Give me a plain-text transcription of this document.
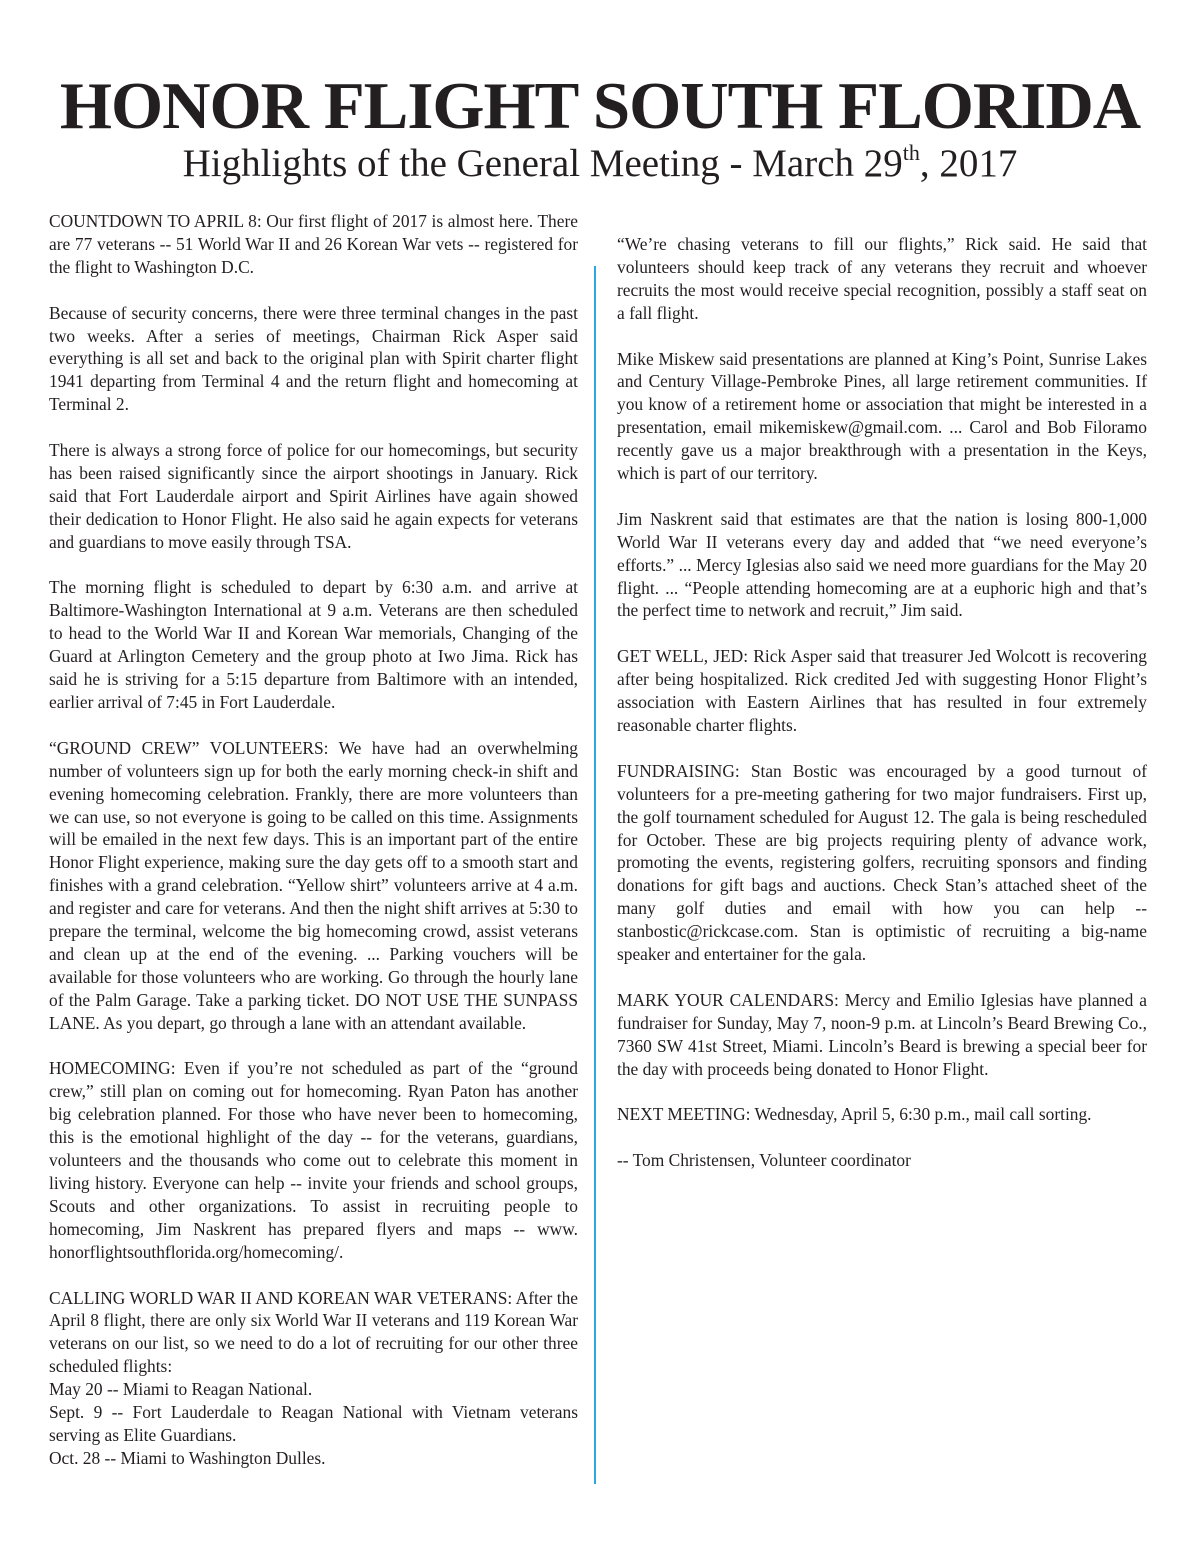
HONOR FLIGHT SOUTH FLORIDA
Highlights of the General Meeting - March 29th, 2017

COUNTDOWN TO APRIL 8: Our first flight of 2017 is almost here. There are 77 veterans -- 51 World War II and 26 Korean War vets -- registered for the flight to Washington D.C.

Because of security concerns, there were three terminal changes in the past two weeks. After a series of meetings, Chairman Rick Asper said everything is all set and back to the original plan with Spirit charter flight 1941 departing from Terminal 4 and the return flight and homecoming at Terminal 2.

There is always a strong force of police for our homecomings, but security has been raised significantly since the airport shootings in January. Rick said that Fort Lauderdale airport and Spirit Airlines have again showed their dedication to Honor Flight. He also said he again expects for veterans and guardians to move easily through TSA.

The morning flight is scheduled to depart by 6:30 a.m. and arrive at Baltimore-Washington International at 9 a.m. Veterans are then scheduled to head to the World War II and Korean War memorials, Changing of the Guard at Arlington Cemetery and the group photo at Iwo Jima. Rick has said he is striving for a 5:15 departure from Baltimore with an intended, earlier arrival of 7:45 in Fort Lauderdale.

“GROUND CREW” VOLUNTEERS: We have had an overwhelming number of volunteers sign up for both the early morning check-in shift and evening homecoming celebration. Frankly, there are more volunteers than we can use, so not everyone is going to be called on this time. Assignments will be emailed in the next few days. This is an important part of the entire Honor Flight experience, making sure the day gets off to a smooth start and finishes with a grand celebration. “Yellow shirt” volunteers arrive at 4 a.m. and register and care for veterans. And then the night shift arrives at 5:30 to prepare the terminal, welcome the big homecoming crowd, assist veterans and clean up at the end of the evening. ... Parking vouchers will be available for those volunteers who are working. Go through the hourly lane of the Palm Garage. Take a parking ticket. DO NOT USE THE SUNPASS LANE. As you depart, go through a lane with an attendant available.

HOMECOMING: Even if you’re not scheduled as part of the “ground crew,” still plan on coming out for homecoming. Ryan Paton has another big celebration planned. For those who have never been to homecoming, this is the emotional highlight of the day -- for the veterans, guardians, volunteers and the thousands who come out to celebrate this moment in living history. Everyone can help -- invite your friends and school groups, Scouts and other organizations. To assist in recruiting people to homecoming, Jim Naskrent has prepared flyers and maps -- www. honorflightsouthflorida.org/homecoming/.

CALLING WORLD WAR II AND KOREAN WAR VETERANS: After the April 8 flight, there are only six World War II veterans and 119 Korean War veterans on our list, so we need to do a lot of recruiting for our other three scheduled flights:
May 20 -- Miami to Reagan National.
Sept. 9 -- Fort Lauderdale to Reagan National with Vietnam veterans serving as Elite Guardians.
Oct. 28 -- Miami to Washington Dulles.

“We’re chasing veterans to fill our flights,” Rick said. He said that volunteers should keep track of any veterans they recruit and whoever recruits the most would receive special recognition, possibly a staff seat on a fall flight.

Mike Miskew said presentations are planned at King’s Point, Sunrise Lakes and Century Village-Pembroke Pines, all large retirement communities. If you know of a retirement home or association that might be interested in a presentation, email mikemiskew@gmail.com. ... Carol and Bob Filoramo recently gave us a major breakthrough with a presentation in the Keys, which is part of our territory.

Jim Naskrent said that estimates are that the nation is losing 800-1,000 World War II veterans every day and added that “we need everyone’s efforts.” ... Mercy Iglesias also said we need more guardians for the May 20 flight. ... “People attending homecoming are at a euphoric high and that’s the perfect time to network and recruit,” Jim said.

GET WELL, JED: Rick Asper said that treasurer Jed Wolcott is recovering after being hospitalized. Rick credited Jed with suggesting Honor Flight’s association with Eastern Airlines that has resulted in four extremely reasonable charter flights.

FUNDRAISING: Stan Bostic was encouraged by a good turnout of volunteers for a pre-meeting gathering for two major fundraisers. First up, the golf tournament scheduled for August 12. The gala is being rescheduled for October. These are big projects requiring plenty of advance work, promoting the events, registering golfers, recruiting sponsors and finding donations for gift bags and auctions. Check Stan’s attached sheet of the many golf duties and email with how you can help -- stanbostic@rickcase.com. Stan is optimistic of recruiting a big-name speaker and entertainer for the gala.

MARK YOUR CALENDARS: Mercy and Emilio Iglesias have planned a fundraiser for Sunday, May 7, noon-9 p.m. at Lincoln’s Beard Brewing Co., 7360 SW 41st Street, Miami. Lincoln’s Beard is brewing a special beer for the day with proceeds being donated to Honor Flight.

NEXT MEETING: Wednesday, April 5, 6:30 p.m., mail call sorting.

-- Tom Christensen, Volunteer coordinator
